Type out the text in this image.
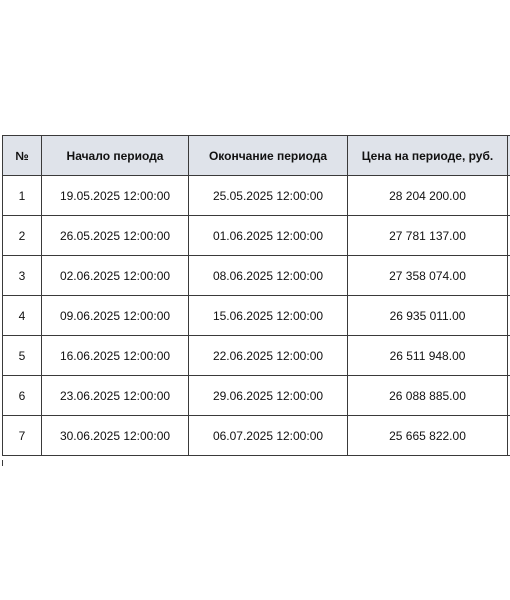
№	Начало периода	Окончание периода	Цена на периоде, руб.	
1	19.05.2025 12:00:00	25.05.2025 12:00:00	28 204 200.00	
2	26.05.2025 12:00:00	01.06.2025 12:00:00	27 781 137.00	
3	02.06.2025 12:00:00	08.06.2025 12:00:00	27 358 074.00	
4	09.06.2025 12:00:00	15.06.2025 12:00:00	26 935 011.00	
5	16.06.2025 12:00:00	22.06.2025 12:00:00	26 511 948.00	
6	23.06.2025 12:00:00	29.06.2025 12:00:00	26 088 885.00	
7	30.06.2025 12:00:00	06.07.2025 12:00:00	25 665 822.00	
